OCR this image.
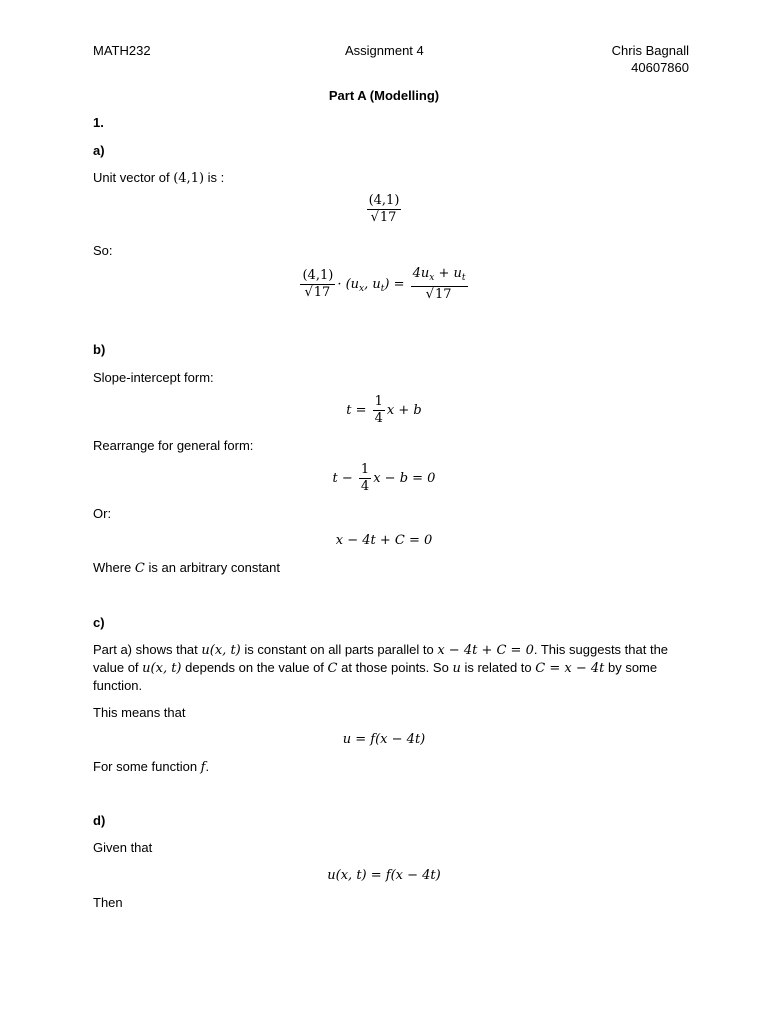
MATH232	Assignment 4	Chris Bagnall
40607860
Part A (Modelling)
1.
a)
Unit vector of (4,1) is :
$\frac{(4,1)}{√17}$
So:
$\frac{(4,1)}{√17} \cdot (u_x$, $u_t) = \frac{4u_x + u_t}{√17}$
b)
Slope-intercept form:
$t = \frac{1}{4}$ x + b
Rearrange for general form:
$t - \frac{1}{4}$ x − b = 0
Or:
x − 4t + C = 0
Where C is an arbitrary constant
c)
Part a) shows that u(x, t) is constant on all parts parallel to x − 4t + C = 0. This suggests that the
value of u(x, t) depends on the value of C at those points. So u is related to C = x − 4t by some
function.
This means that
u = f(x − 4t)
For some function f.
d)
Given that
u(x, t) = f(x − 4t)
Then
